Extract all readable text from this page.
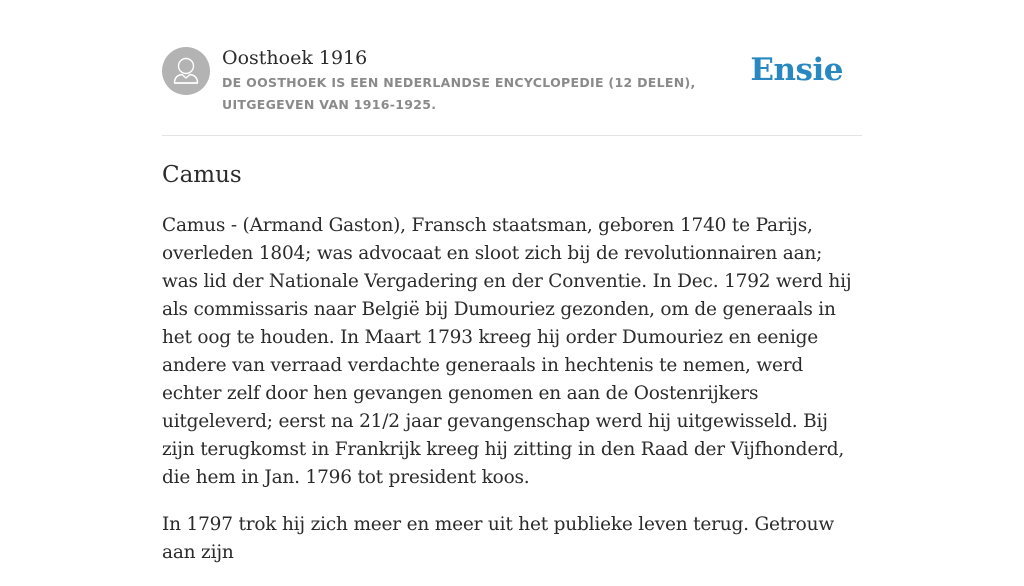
Oosthoek 1916
DE OOSTHOEK IS EEN NEDERLANDSE ENCYCLOPEDIE (12 DELEN), UITGEGEVEN VAN 1916-1925.
Ensie
Camus

Camus - (Armand Gaston), Fransch staatsman, geboren 1740 te Parijs, overleden 1804; was advocaat en sloot zich bij de revolutionnairen aan; was lid der Nationale Vergadering en der Conventie. In Dec. 1792 werd hij als commissaris naar België bij Dumouriez gezonden, om de generaals in het oog te houden. In Maart 1793 kreeg hij order Dumouriez en eenige andere van verraad verdachte generaals in hechtenis te nemen, werd echter zelf door hen gevangen genomen en aan de Oostenrijkers uitgeleverd; eerst na 21/2 jaar gevangenschap werd hij uitgewisseld. Bij zijn terugkomst in Frankrijk kreeg hij zitting in den Raad der Vijfhonderd, die hem in Jan. 1796 tot president koos.

In 1797 trok hij zich meer en meer uit het publieke leven terug. Getrouw aan zijn
